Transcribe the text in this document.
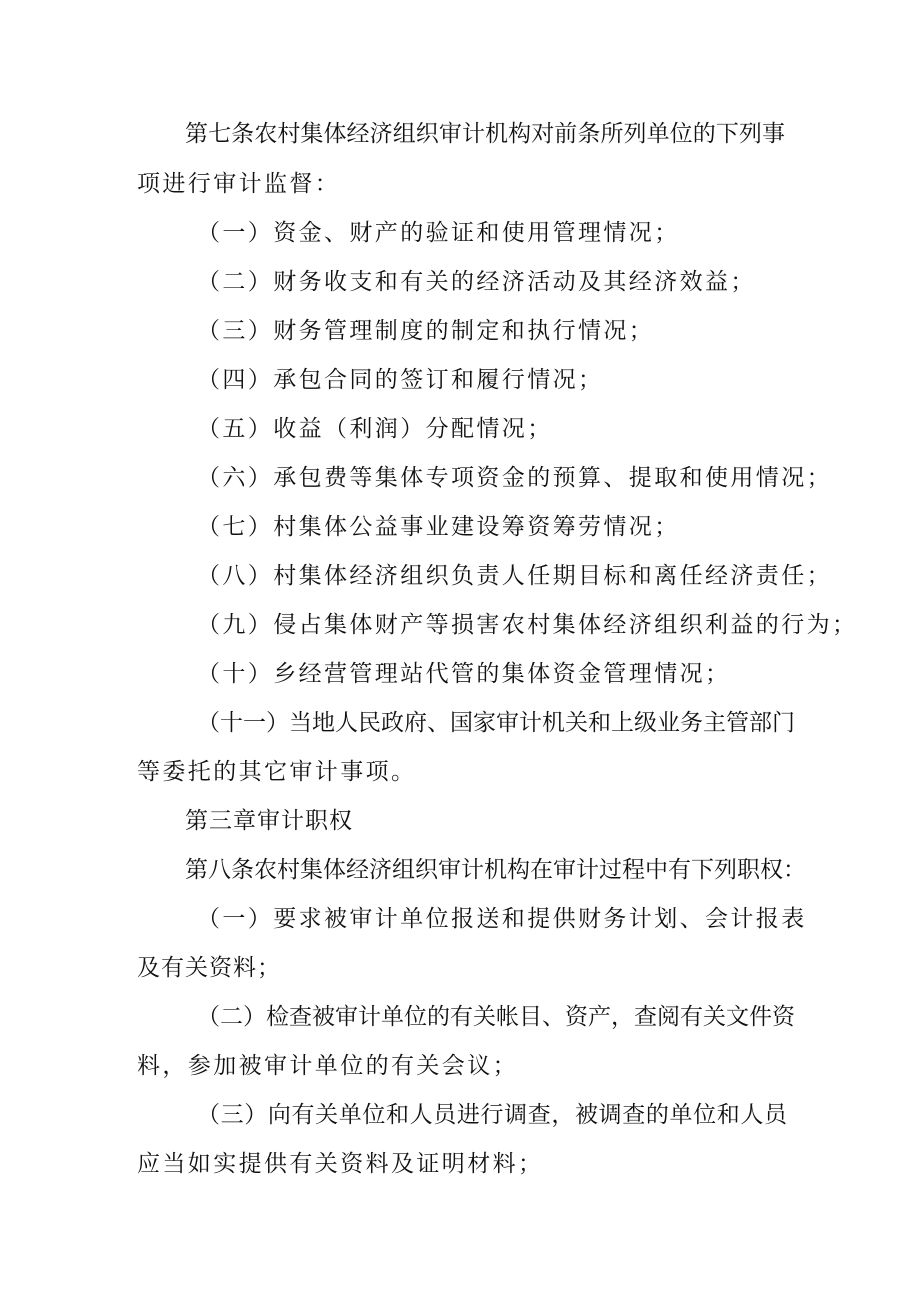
第七条农村集体经济组织审计机构对前条所列单位的下列事
项进行审计监督：
（一）资金、财产的验证和使用管理情况；
（二）财务收支和有关的经济活动及其经济效益；
（三）财务管理制度的制定和执行情况；
（四）承包合同的签订和履行情况；
（五）收益（利润）分配情况；
（六）承包费等集体专项资金的预算、提取和使用情况；
（七）村集体公益事业建设筹资筹劳情况；
（八）村集体经济组织负责人任期目标和离任经济责任；
（九）侵占集体财产等损害农村集体经济组织利益的行为；
（十）乡经营管理站代管的集体资金管理情况；
（十一）当地人民政府、国家审计机关和上级业务主管部门
等委托的其它审计事项。
第三章审计职权
第八条农村集体经济组织审计机构在审计过程中有下列职权：
（一）要求被审计单位报送和提供财务计划、会计报表
及有关资料；
（二）检查被审计单位的有关帐目、资产，查阅有关文件资
料，参加被审计单位的有关会议；
（三）向有关单位和人员进行调查，被调查的单位和人员
应当如实提供有关资料及证明材料；
